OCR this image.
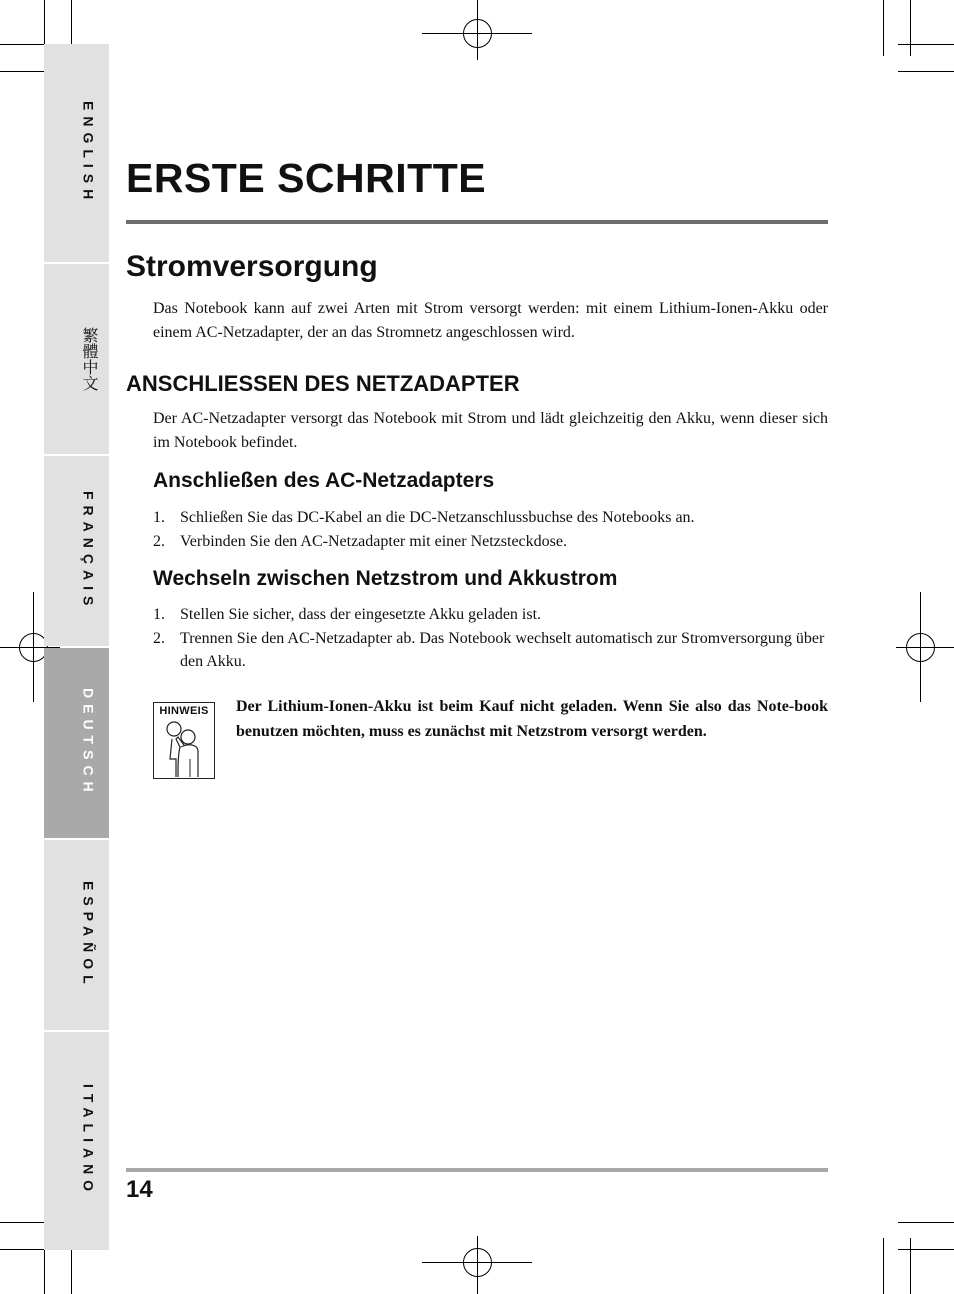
ENGLISH
繁體中文
FRANÇAIS
DEUTSCH
ESPAÑOL
ITALIANO
ERSTE SCHRITTE
Stromversorgung

Das Notebook kann auf zwei Arten mit Strom versorgt werden: mit einem Lithium-Ionen-Akku oder einem AC-Netzadapter, der an das Stromnetz angeschlossen wird.

ANSCHLIESSEN DES NETZADAPTER

Der AC-Netzadapter versorgt das Notebook mit Strom und lädt gleichzeitig den Akku, wenn dieser sich im Notebook befindet.

Anschließen des AC-Netzadapters
1. Schließen Sie das DC-Kabel an die DC-Netzanschlussbuchse des Notebooks an.
2. Verbinden Sie den AC-Netzadapter mit einer Netzsteckdose.
Wechseln zwischen Netzstrom und Akkustrom
1. Stellen Sie sicher, dass der eingesetzte Akku geladen ist.
2. Trennen Sie den AC-Netzadapter ab. Das Notebook wechselt automatisch zur Stromversorgung über den Akku.
HINWEIS	Der Lithium-Ionen-Akku ist beim Kauf nicht geladen. Wenn Sie also das Note-book benutzen möchten, muss es zunächst mit Netzstrom versorgt werden.

14
